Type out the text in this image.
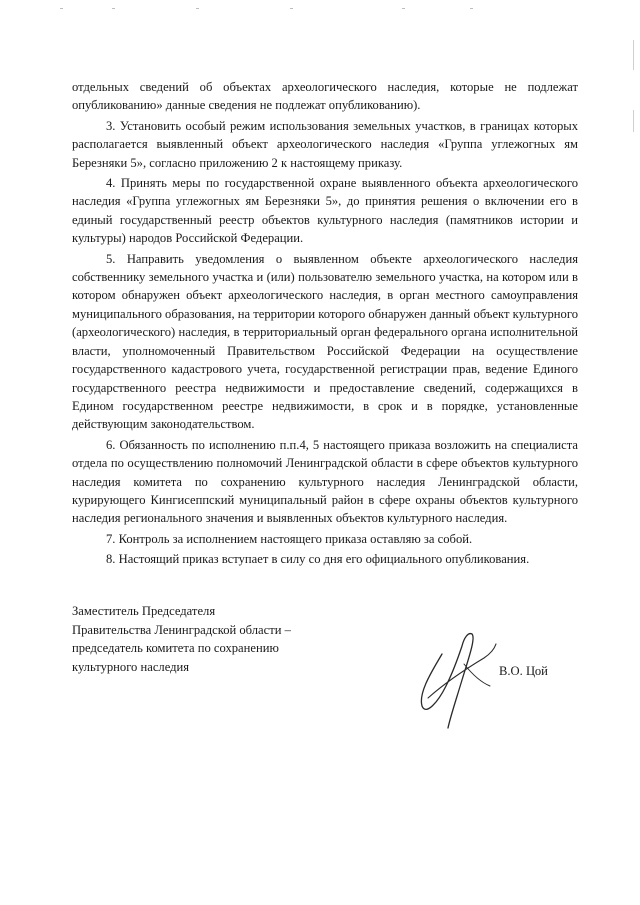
отдельных сведений об объектах археологического наследия, которые не подлежат опубликованию» данные сведения не подлежат опубликованию).

3. Установить особый режим использования земельных участков, в границах которых располагается выявленный объект археологического наследия «Группа углежогных ям Березняки 5», согласно приложению 2 к настоящему приказу.

4. Принять меры по государственной охране выявленного объекта археологического наследия «Группа углежогных ям Березняки 5», до принятия решения о включении его в единый государственный реестр объектов культурного наследия (памятников истории и культуры) народов Российской Федерации.

5. Направить уведомления о выявленном объекте археологического наследия собственнику земельного участка и (или) пользователю земельного участка, на котором или в котором обнаружен объект археологического наследия, в орган местного самоуправления муниципального образования, на территории которого обнаружен данный объект культурного (археологического) наследия, в территориальный орган федерального органа исполнительной власти, уполномоченный Правительством Российской Федерации на осуществление государственного кадастрового учета, государственной регистрации прав, ведение Единого государственного реестра недвижимости и предоставление сведений, содержащихся в Едином государственном реестре недвижимости, в срок и в порядке, установленные действующим законодательством.

6. Обязанность по исполнению п.п.4, 5 настоящего приказа возложить на специалиста отдела по осуществлению полномочий Ленинградской области в сфере объектов культурного наследия комитета по сохранению культурного наследия Ленинградской области, курирующего Кингисеппский муниципальный район в сфере охраны объектов культурного наследия регионального значения и выявленных объектов культурного наследия.

7. Контроль за исполнением настоящего приказа оставляю за собой.

8. Настоящий приказ вступает в силу со дня его официального опубликования.

Заместитель Председателя
Правительства Ленинградской области –
председатель комитета по сохранению
культурного наследия	В.О. Цой
